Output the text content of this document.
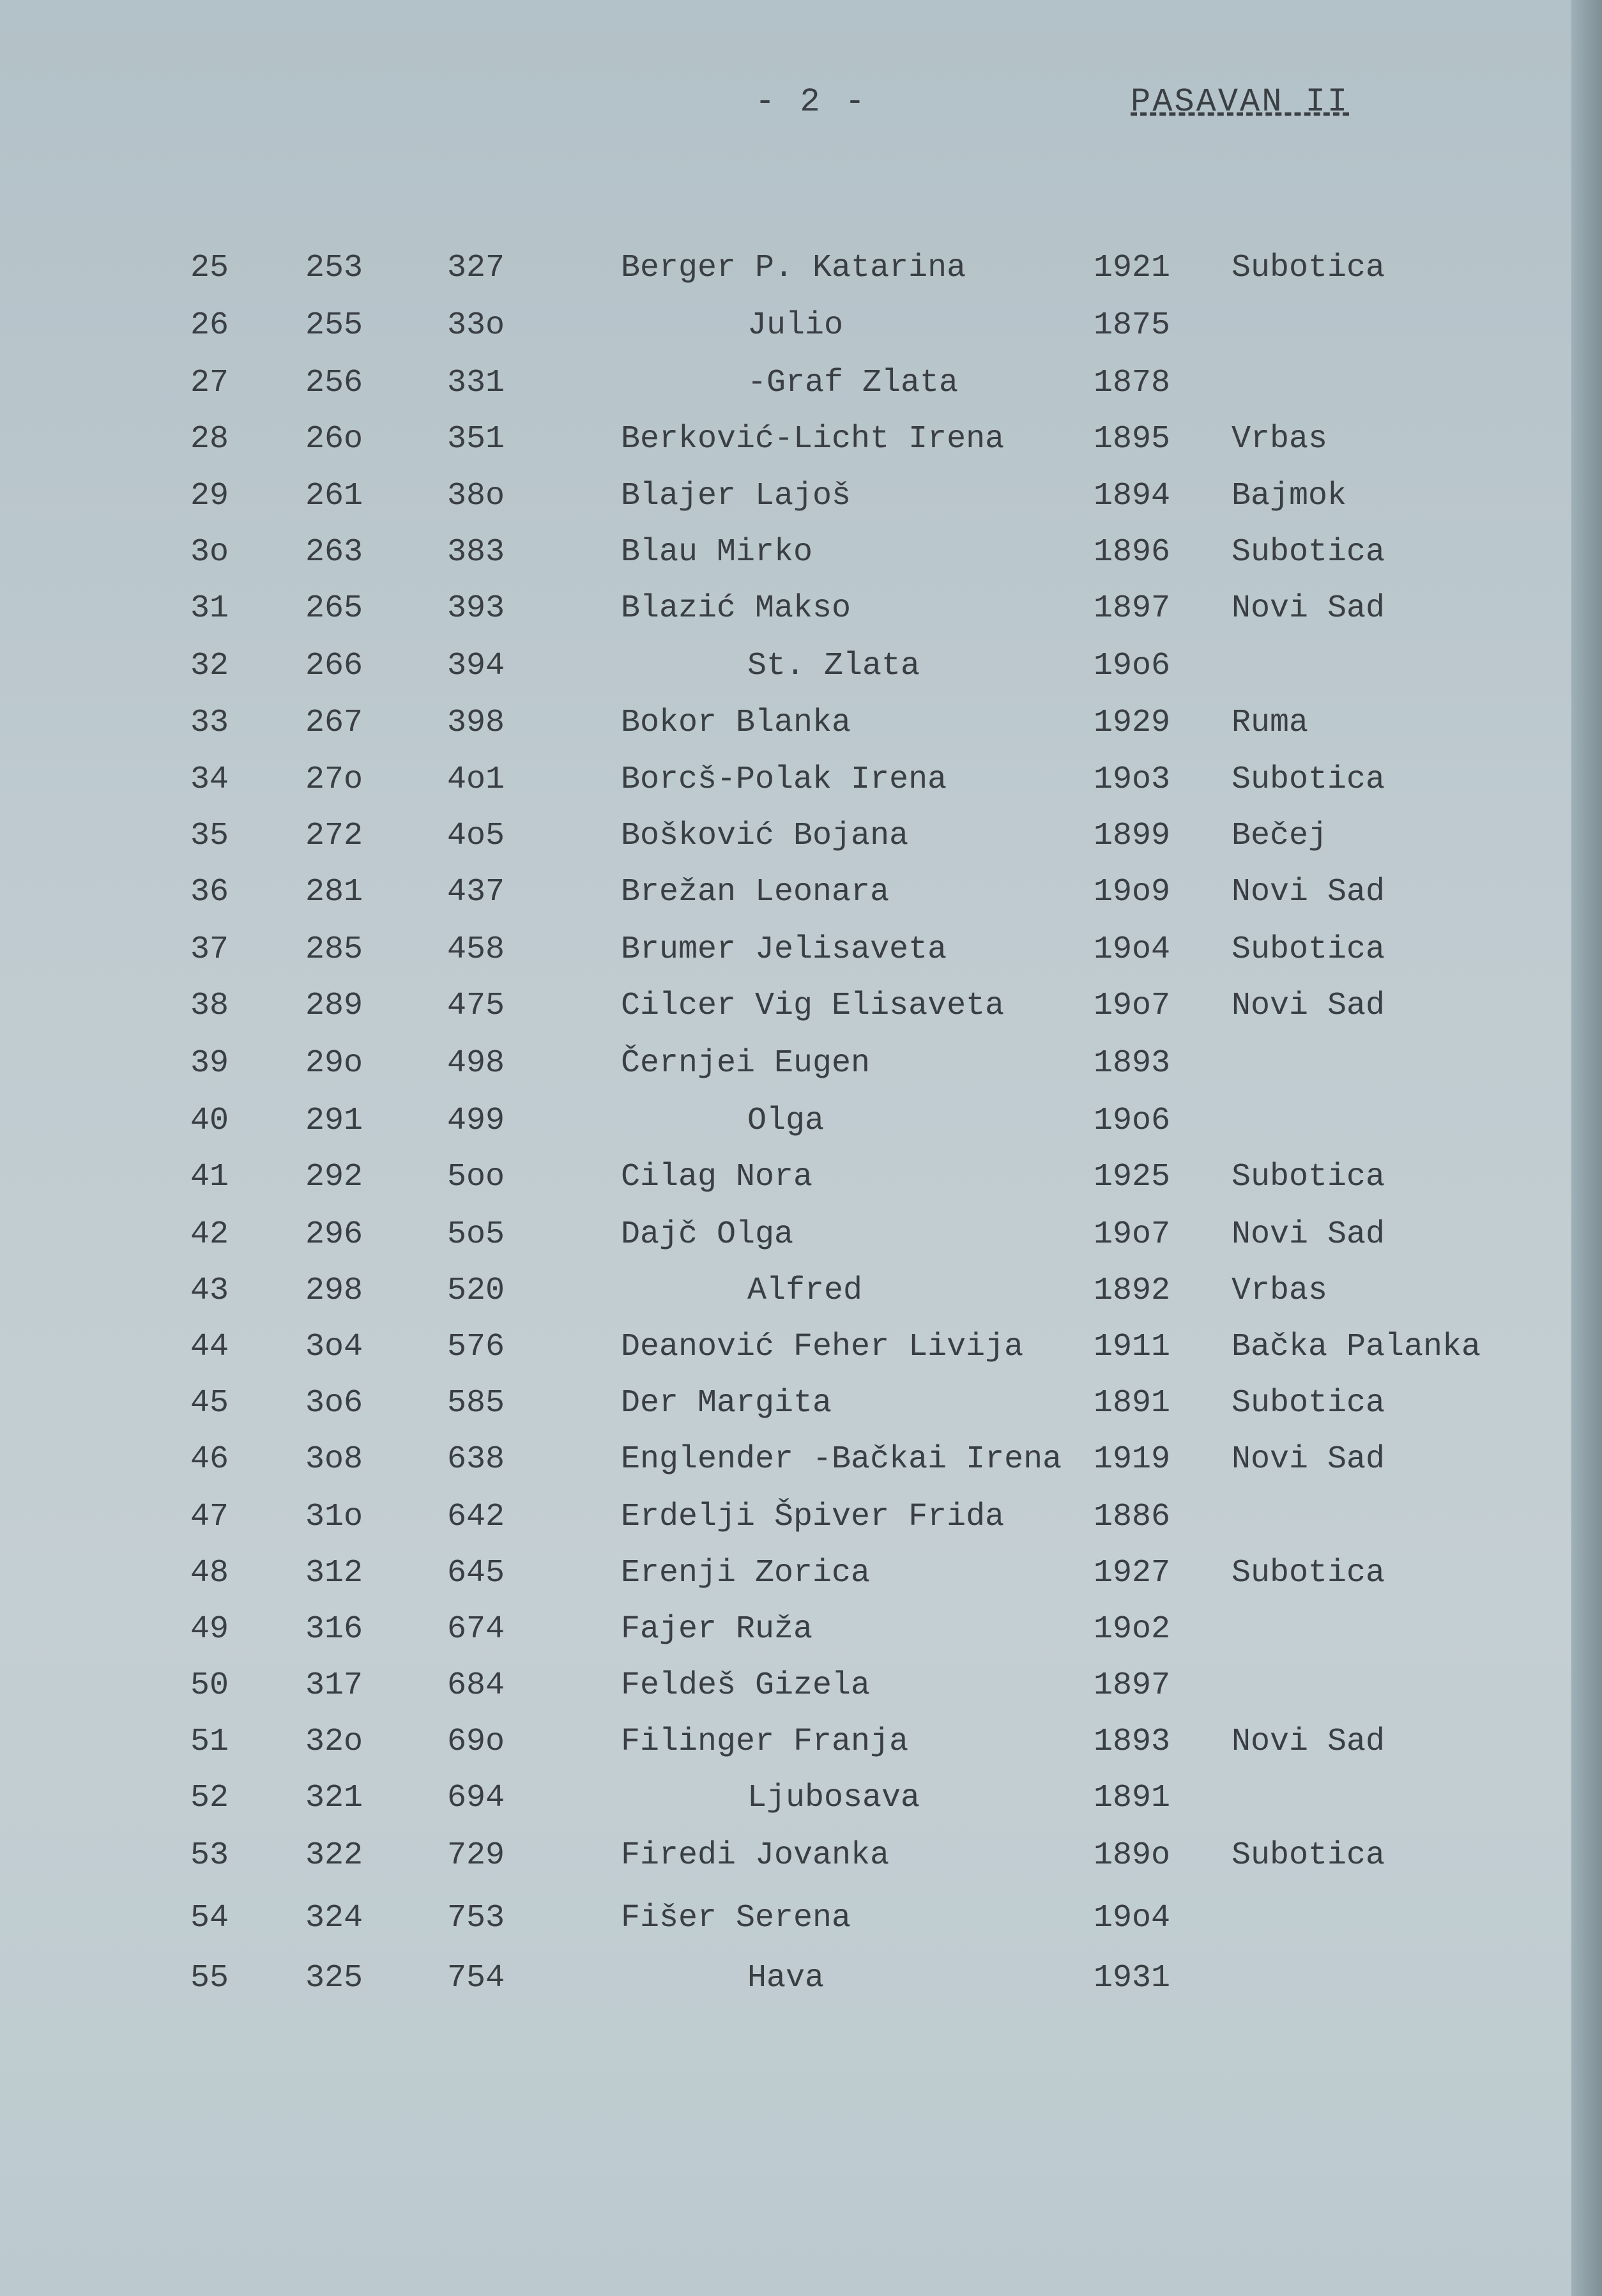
- 2 -	PASAVAN II
25 253	327	Berger P. Katarina	1921 Subotica
26 255	33o	Julio	1875
27 256	331	-Graf Zlata	1878
28 26o	351	Berković-Licht Irena	1895 Vrbas
29 261	38o	Blajer Lajoš	1894 Bajmok
3o 263	383	Blau Mirko	1896 Subotica
31 265	393	Blazić Makso	1897 Novi Sad
32 266	394	St. Zlata	19o6
33 267	398	Bokor Blanka	1929 Ruma
34 27o	4o1	Borcš-Polak Irena	19o3 Subotica
35 272	4o5	Bošković Bojana	1899 Bečej
36 281	437	Brežan Leonara	19o9 Novi Sad
37 285	458	Brumer Jelisaveta	19o4 Subotica
38 289	475	Cilcer Vig Elisaveta	19o7 Novi Sad
39 29o	498	Černjei Eugen	1893
40 291	499	Olga	19o6
41 292	5oo	Cilag Nora	1925 Subotica
42 296	5o5	Dajč Olga	19o7 Novi Sad
43 298	520	Alfred	1892 Vrbas
44 3o4	576	Deanović Feher Livija 1911 Bačka Palanka
45 3o6	585	Der Margita	1891 Subotica
46 3o8	638	Englender -Bačkai Irena 1919 Novi Sad
47 31o	642	Erdelji Špiver Frida	1886
48 312	645	Erenji Zorica	1927 Subotica
49 316	674	Fajer Ruža	19o2
50 317	684	Feldeš Gizela	1897
51 32o	69o	Filinger Franja	1893 Novi Sad
52 321	694	Ljubosava	1891
53 322	729	Firedi Jovanka	189o Subotica
54 324	753	Fišer Serena	19o4
55 325	754	Hava	1931
